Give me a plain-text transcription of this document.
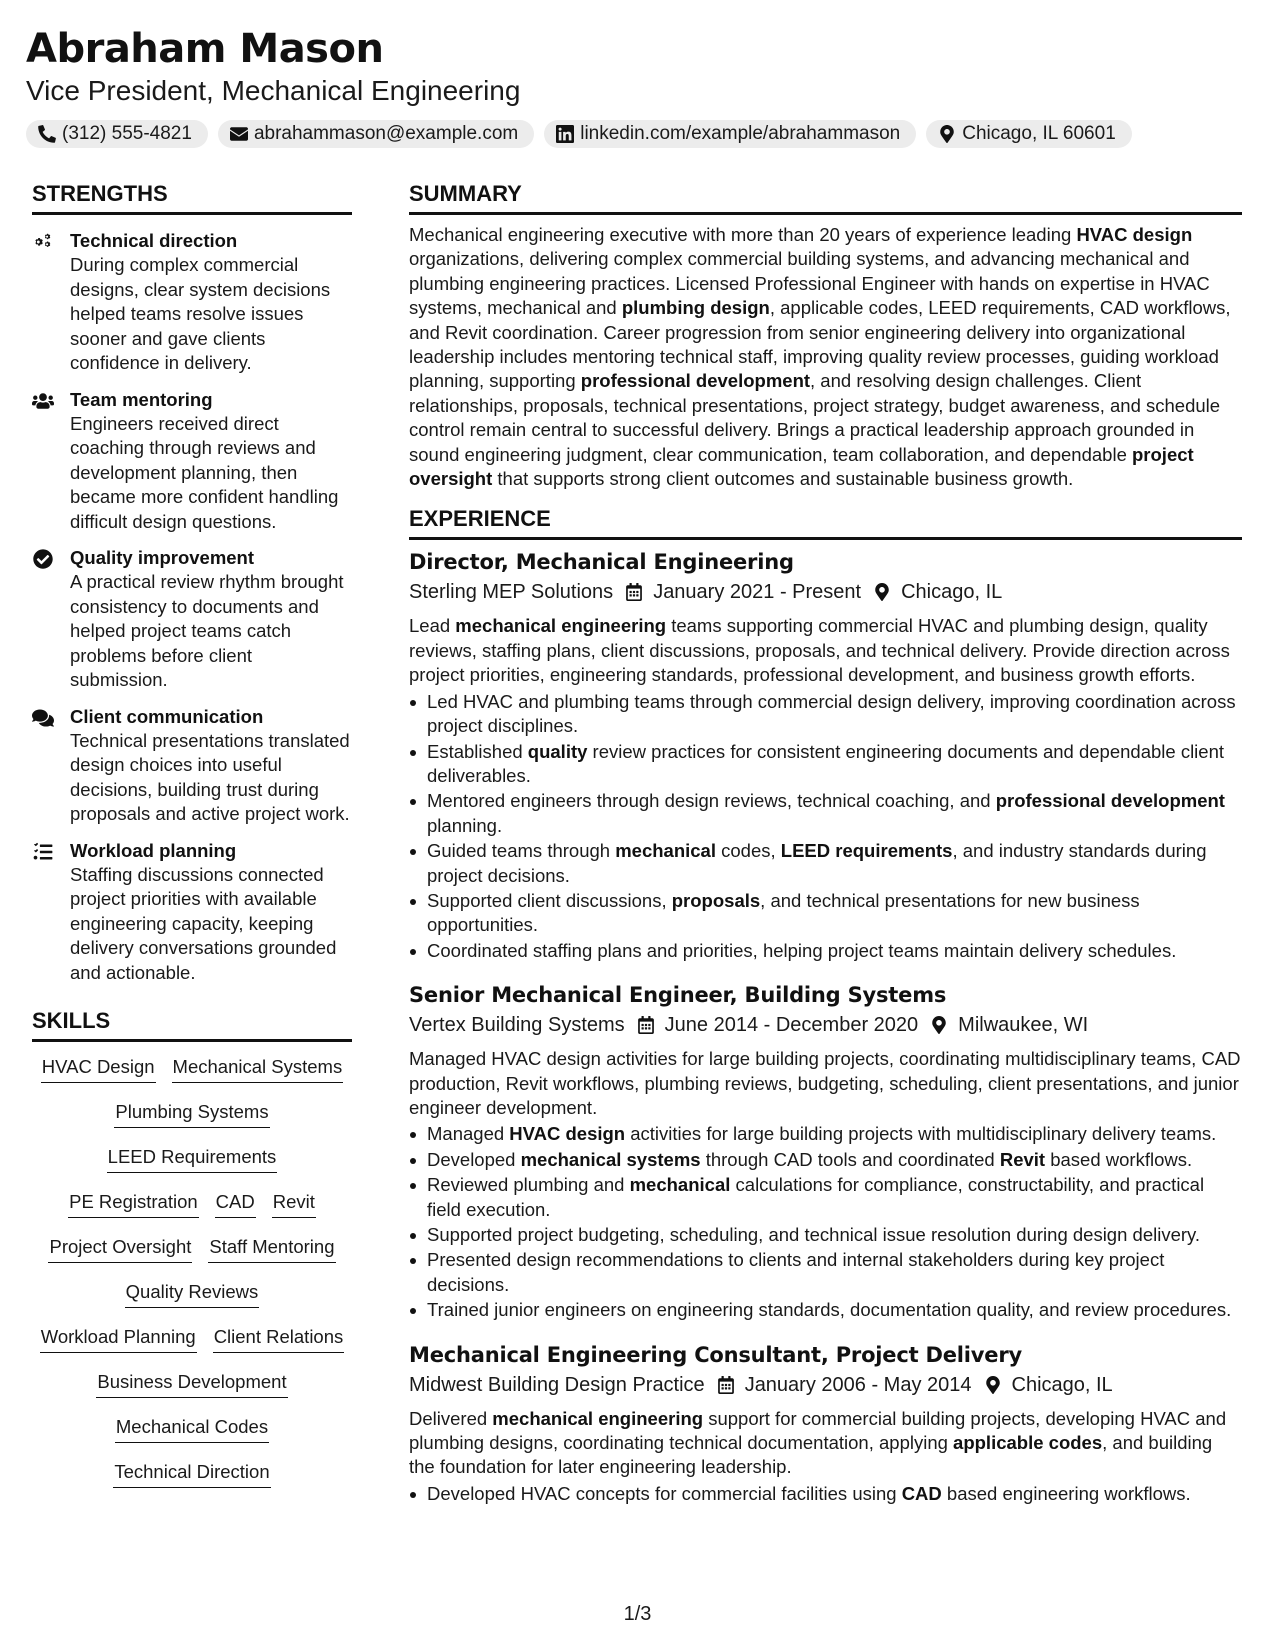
Abraham Mason
Vice President, Mechanical Engineering
(312) 555-4821	abrahammason@example.com	linkedin.com/example/abrahammason	Chicago, IL 60601
STRENGTHS
Technical direction
During complex commercial designs, clear system decisions helped teams resolve issues sooner and gave clients confidence in delivery.
Team mentoring
Engineers received direct coaching through reviews and development planning, then became more confident handling difficult design questions.
Quality improvement
A practical review rhythm brought consistency to documents and helped project teams catch problems before client submission.
Client communication
Technical presentations translated design choices into useful decisions, building trust during proposals and active project work.
Workload planning
Staffing discussions connected project priorities with available engineering capacity, keeping delivery conversations grounded and actionable.
SKILLS
HVAC Design Mechanical Systems
Plumbing Systems
LEED Requirements
PE Registration CAD Revit
Project Oversight Staff Mentoring
Quality Reviews
Workload Planning Client Relations
Business Development
Mechanical Codes
Technical Direction
SUMMARY
Mechanical engineering executive with more than 20 years of experience leading HVAC design organizations, delivering complex commercial building systems, and advancing mechanical and plumbing engineering practices. Licensed Professional Engineer with hands on expertise in HVAC systems, mechanical and plumbing design, applicable codes, LEED requirements, CAD workflows, and Revit coordination. Career progression from senior engineering delivery into organizational leadership includes mentoring technical staff, improving quality review processes, guiding workload planning, supporting professional development, and resolving design challenges. Client relationships, proposals, technical presentations, project strategy, budget awareness, and schedule control remain central to successful delivery. Brings a practical leadership approach grounded in sound engineering judgment, clear communication, team collaboration, and dependable project oversight that supports strong client outcomes and sustainable business growth.
EXPERIENCE
Director, Mechanical Engineering
Sterling MEP Solutions January 2021 - Present Chicago, IL
Lead mechanical engineering teams supporting commercial HVAC and plumbing design, quality reviews, staffing plans, client discussions, proposals, and technical delivery. Provide direction across project priorities, engineering standards, professional development, and business growth efforts.
Led HVAC and plumbing teams through commercial design delivery, improving coordination across project disciplines.
Established quality review practices for consistent engineering documents and dependable client deliverables.
Mentored engineers through design reviews, technical coaching, and professional development planning.
Guided teams through mechanical codes, LEED requirements, and industry standards during project decisions.
Supported client discussions, proposals, and technical presentations for new business opportunities.
Coordinated staffing plans and priorities, helping project teams maintain delivery schedules.
Senior Mechanical Engineer, Building Systems
Vertex Building Systems June 2014 - December 2020 Milwaukee, WI
Managed HVAC design activities for large building projects, coordinating multidisciplinary teams, CAD production, Revit workflows, plumbing reviews, budgeting, scheduling, client presentations, and junior engineer development.
Managed HVAC design activities for large building projects with multidisciplinary delivery teams.
Developed mechanical systems through CAD tools and coordinated Revit based workflows.
Reviewed plumbing and mechanical calculations for compliance, constructability, and practical field execution.
Supported project budgeting, scheduling, and technical issue resolution during design delivery.
Presented design recommendations to clients and internal stakeholders during key project decisions.
Trained junior engineers on engineering standards, documentation quality, and review procedures.
Mechanical Engineering Consultant, Project Delivery
Midwest Building Design Practice January 2006 - May 2014 Chicago, IL
Delivered mechanical engineering support for commercial building projects, developing HVAC and plumbing designs, coordinating technical documentation, applying applicable codes, and building the foundation for later engineering leadership.
Developed HVAC concepts for commercial facilities using CAD based engineering workflows.
1/3
